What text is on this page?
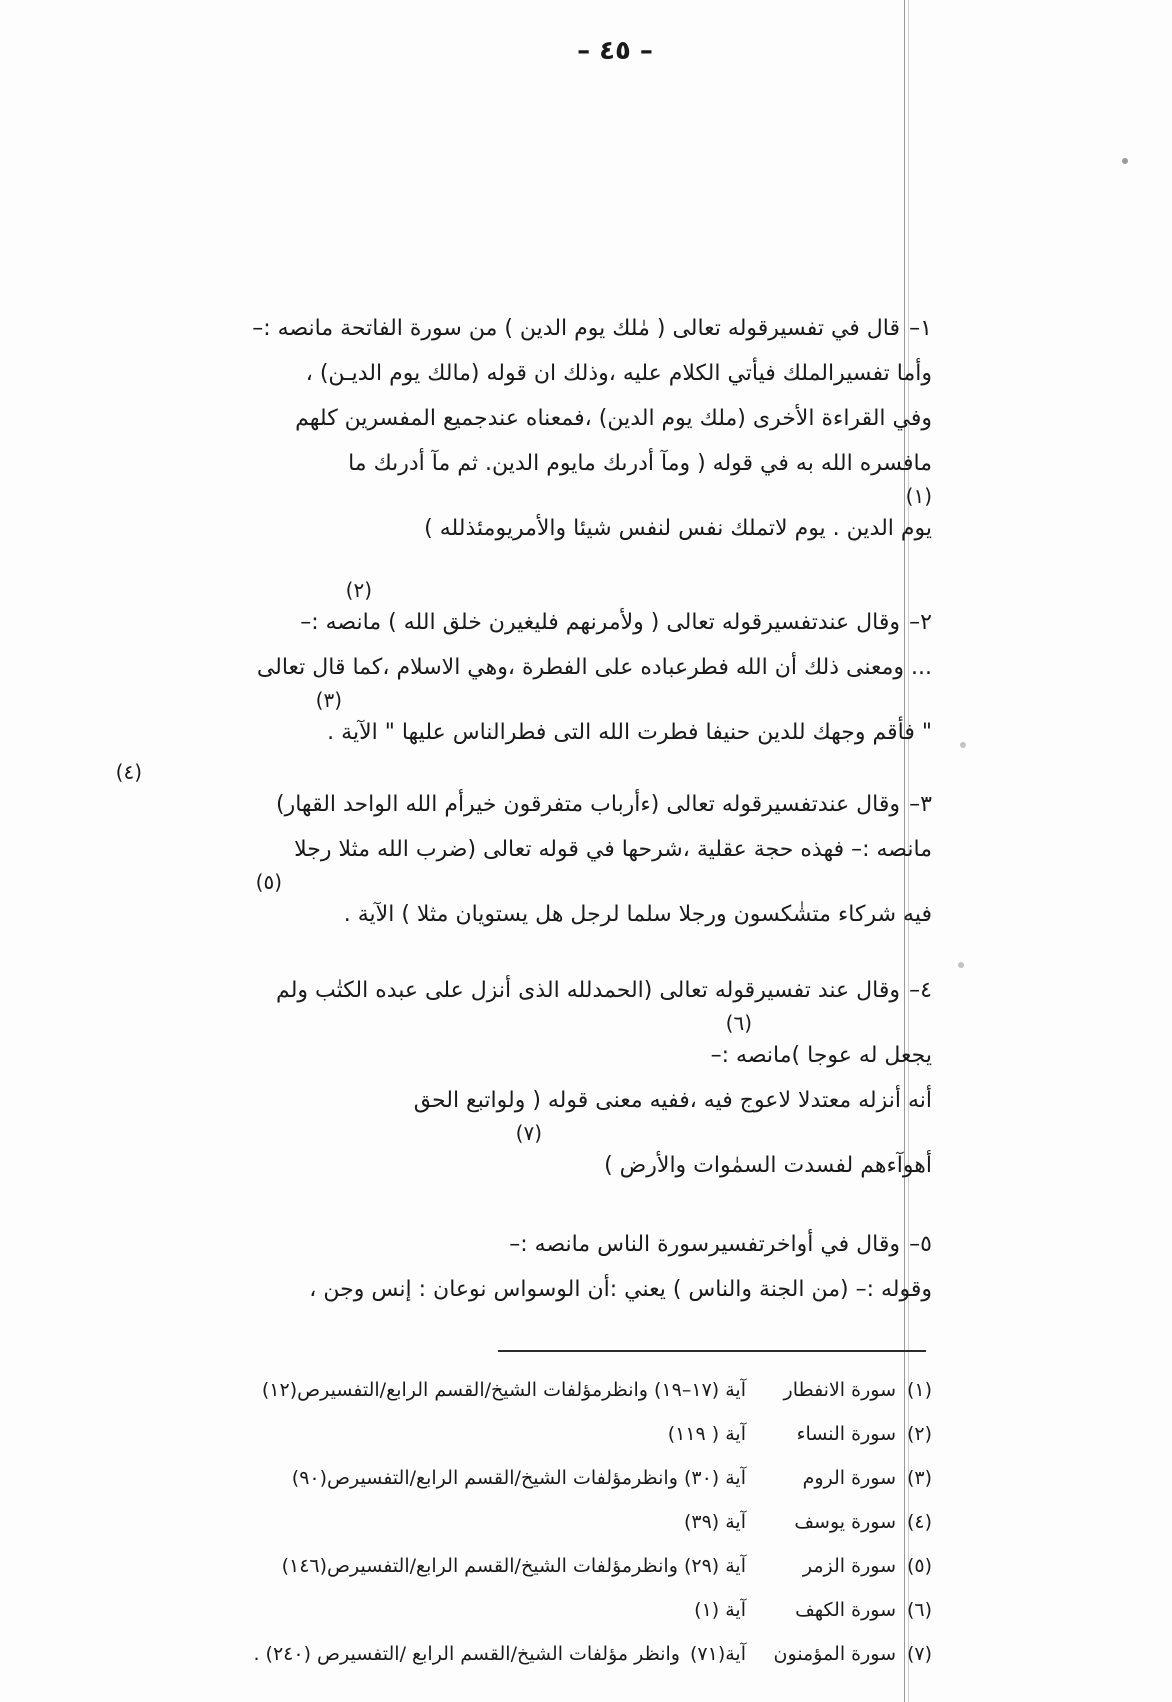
– ٤٥ –
١–قال في تفسيرقوله تعالى ( مٰلك يوم الدين ) من سورة الفاتحة مانصه :–
وأما تفسيرالملك فيأتي الكلام عليه ،وذلك ان قوله (مالك يوم الديـن) ،
وفي القراءة الأخرى (ملك يوم الدين) ،فمعناه عندجميع المفسرين كلهم
مافسره الله به في قوله ( ومآ أدرٮك مايوم الدين. ثم مآ أدرٮك ما
(١)
يوم الدين . يوم لاتملك نفس لنفس شيئا والأمريومئذلله )
(٢)
٢–وقال عندتفسيرقوله تعالى ( ولأمرنهم فليغيرن خلق الله ) مانصه :–
... ومعنى ذلك أن الله فطرعباده على الفطرة ،وهي الاسلام ،كما قال تعالى
(٣)
" فأقم وجهك للدين حنيفا فطرت الله التى فطرالناس عليها " الآية .
(٤)
٣–وقال عندتفسيرقوله تعالى (ءأرباب متفرقون خيرأم الله الواحد القهار)
مانصه :– فهذه حجة عقلية ،شرحها في قوله تعالى (ضرب الله مثلا رجلا
(٥)
فيه شركاء متشٰكسون ورجلا سلما لرجل هل يستويان مثلا ) الآية .
٤–وقال عند تفسيرقوله تعالى (الحمدلله الذى أنزل على عبده الكتٰب ولم
(٦)
يجعل له عوجا )مانصه :–
أنه أنزله معتدلا لاعوج فيه ،ففيه معنى قوله ( ولواتبع الحق
(٧)
أهوآءهم لفسدت السمٰوات والأرض )
٥–وقال في أواخرتفسيرسورة الناس مانصه :–
وقوله :– (من الجنة والناس ) يعني :أن الوسواس نوعان : إنس وجن ،
(١)سورة الانفطارآية (١٧–١٩) وانظرمؤلفات الشيخ/القسم الرابع/التفسيرص(١٢)
(٢)سورة النساءآية ( ١١٩)
(٣)سورة الرومآية (٣٠) وانظرمؤلفات الشيخ/القسم الرابع/التفسيرص(٩٠)
(٤)سورة يوسفآية (٣٩)
(٥)سورة الزمرآية (٢٩) وانظرمؤلفات الشيخ/القسم الرابع/التفسيرص(١٤٦)
(٦)سورة الكهفآية (١)
(٧)سورة المؤمنونآية(٧١) وانظر مؤلفات الشيخ/القسم الرابع /التفسيرص (٢٤٠) .
